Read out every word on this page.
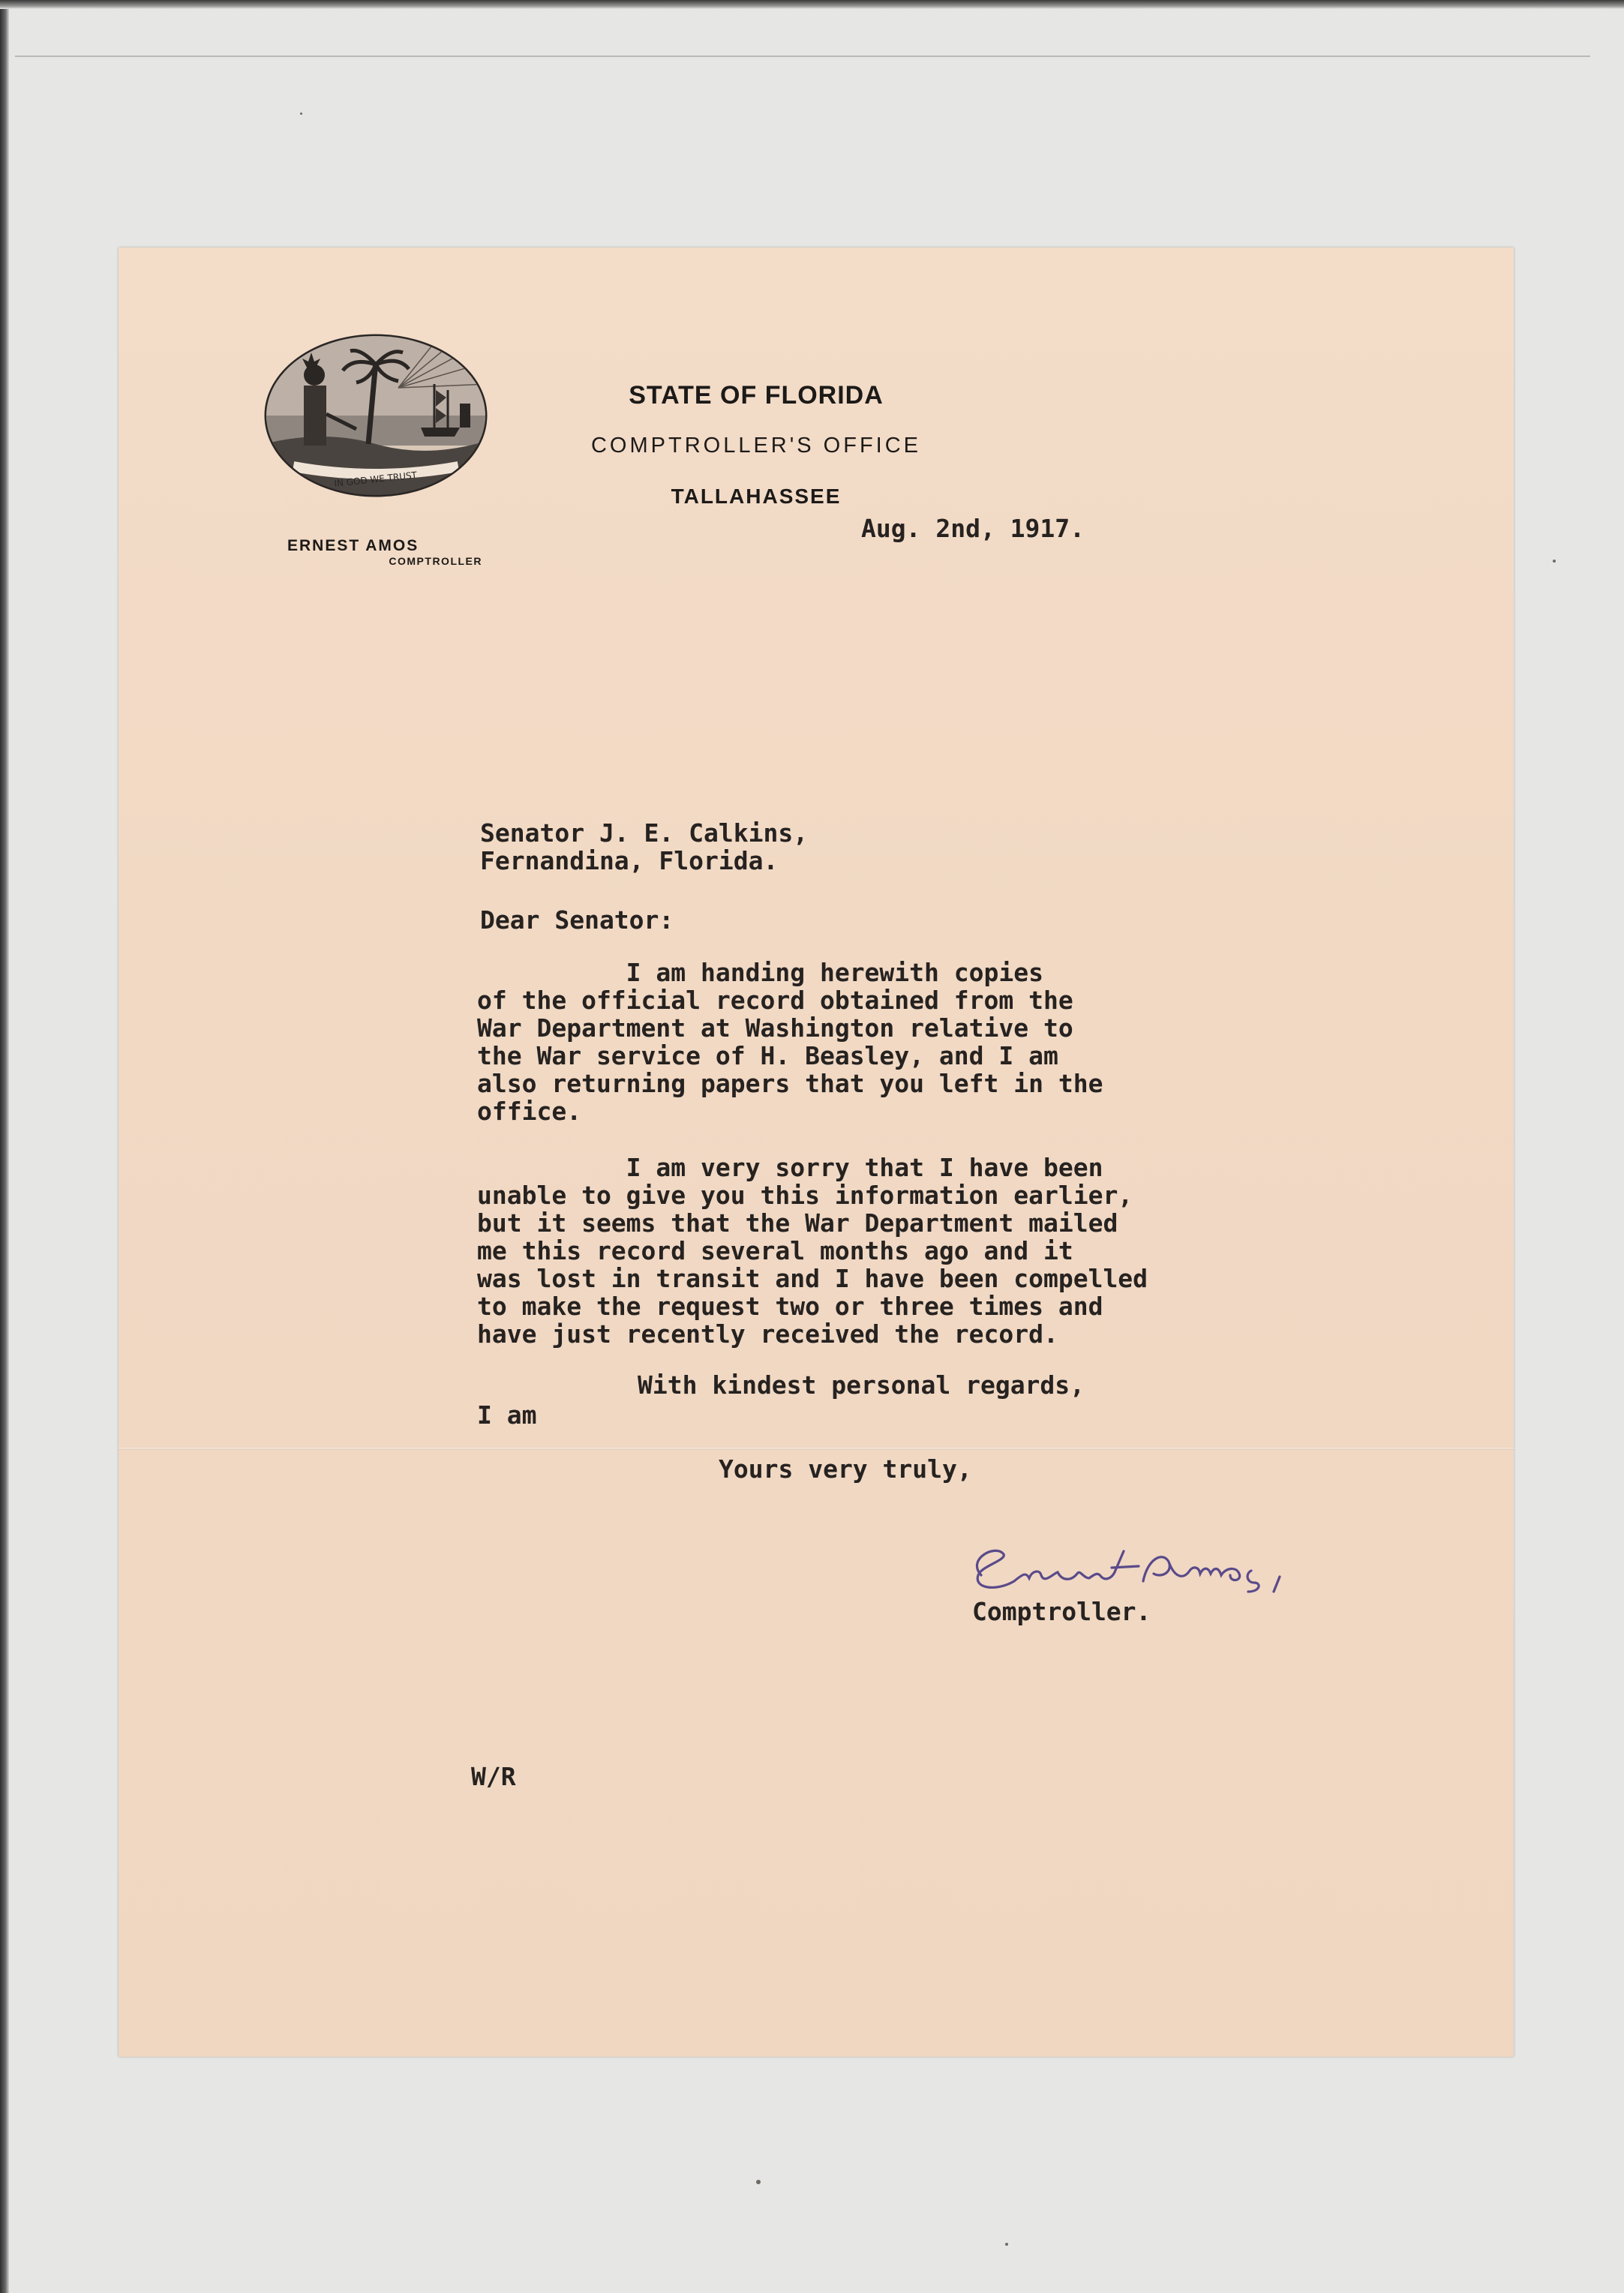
IN GOD WE TRUST
STATE OF FLORIDA
COMPTROLLER'S OFFICE
TALLAHASSEE
ERNEST AMOS
COMPTROLLER
Aug. 2nd, 1917.
Senator J. E. Calkins,
Fernandina, Florida.
Dear Senator:
I am handing herewith copies
of the official record obtained from the
War Department at Washington relative to
the War service of H. Beasley, and I am
also returning papers that you left in the
office.
I am very sorry that I have been
unable to give you this information earlier,
but it seems that the War Department mailed
me this record several months ago and it
was lost in transit and I have been compelled
to make the request two or three times and
have just recently received the record.
With kindest personal regards,
I am
Yours very truly,
Comptroller.
W/R
